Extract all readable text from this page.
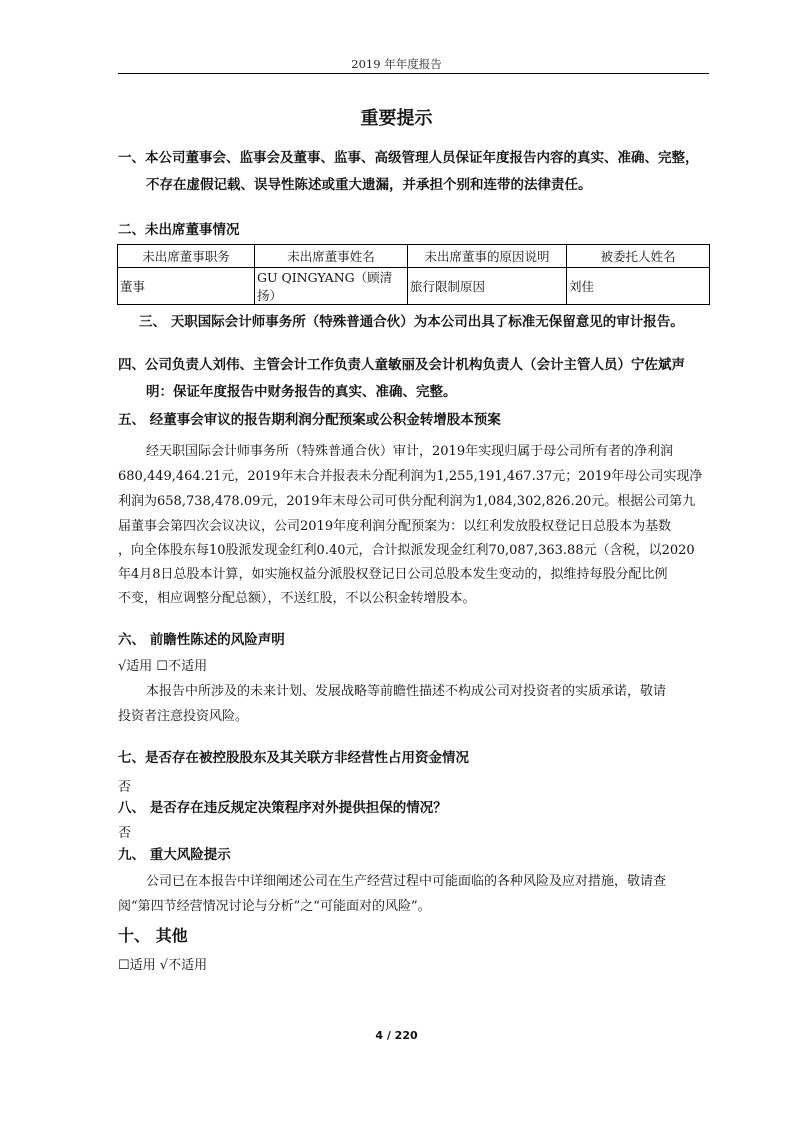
2019 年年度报告
重要提示
一、本公司董事会、监事会及董事、监事、高级管理人员保证年度报告内容的真实、准确、完整，
不存在虚假记载、误导性陈述或重大遗漏，并承担个别和连带的法律责任。
二、未出席董事情况
未出席董事职务	未出席董事姓名	未出席董事的原因说明	被委托人姓名
董事	GU QINGYANG（顾清扬）	旅行限制原因	刘佳
三、 天职国际会计师事务所（特殊普通合伙）为本公司出具了标准无保留意见的审计报告。
四、公司负责人刘伟、主管会计工作负责人童敏丽及会计机构负责人（会计主管人员）宁佐斌声
明：保证年度报告中财务报告的真实、准确、完整。
五、 经董事会审议的报告期利润分配预案或公积金转增股本预案
经天职国际会计师事务所（特殊普通合伙）审计，2019年实现归属于母公司所有者的净利润
680,449,464.21元，2019年末合并报表未分配利润为1,255,191,467.37元；2019年母公司实现净
利润为658,738,478.09元，2019年末母公司可供分配利润为1,084,302,826.20元。根据公司第九
届董事会第四次会议决议，公司2019年度利润分配预案为：以红利发放股权登记日总股本为基数
，向全体股东每10股派发现金红利0.40元，合计拟派发现金红利70,087,363.88元（含税，以2020
年4月8日总股本计算，如实施权益分派股权登记日公司总股本发生变动的，拟维持每股分配比例
不变，相应调整分配总额），不送红股，不以公积金转增股本。
六、 前瞻性陈述的风险声明
√适用 ☐不适用
本报告中所涉及的未来计划、发展战略等前瞻性描述不构成公司对投资者的实质承诺，敬请
投资者注意投资风险。
七、是否存在被控股股东及其关联方非经营性占用资金情况
否
八、 是否存在违反规定决策程序对外提供担保的情况？
否
九、 重大风险提示
公司已在本报告中详细阐述公司在生产经营过程中可能面临的各种风险及应对措施，敬请查
阅“第四节经营情况讨论与分析”之“可能面对的风险”。
十、 其他
☐适用 √不适用
4 / 220
